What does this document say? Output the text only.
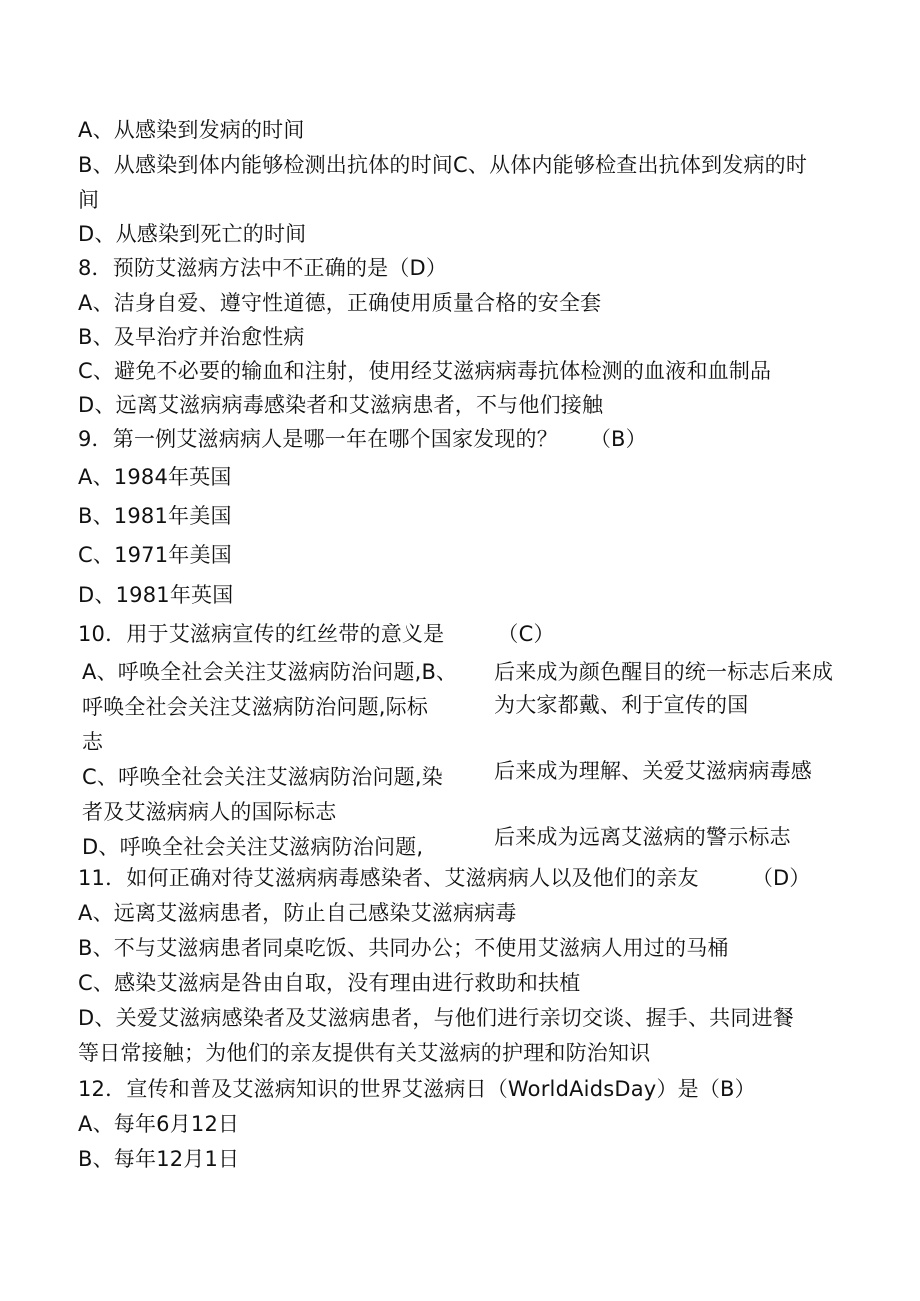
A、从感染到发病的时间
B、从感染到体内能够检测出抗体的时间C、从体内能够检查出抗体到发病的时
间
D、从感染到死亡的时间
8．预防艾滋病方法中不正确的是（D）
A、洁身自爱、遵守性道德，正确使用质量合格的安全套
B、及早治疗并治愈性病
C、避免不必要的输血和注射，使用经艾滋病病毒抗体检测的血液和血制品
D、远离艾滋病病毒感染者和艾滋病患者，不与他们接触
9．第一例艾滋病病人是哪一年在哪个国家发现的？　　（B）
A、1984年英国
B、1981年美国
C、1971年美国
D、1981年英国
10．用于艾滋病宣传的红丝带的意义是　　　（C）
A、呼唤全社会关注艾滋病防治问题,B、
呼唤全社会关注艾滋病防治问题,际标
志
C、呼唤全社会关注艾滋病防治问题,染
者及艾滋病病人的国际标志
D、呼唤全社会关注艾滋病防治问题,
后来成为颜色醒目的统一标志后来成
为大家都戴、利于宣传的国
后来成为理解、关爱艾滋病病毒感
后来成为远离艾滋病的警示标志
11．如何正确对待艾滋病病毒感染者、艾滋病病人以及他们的亲友　　　（D）
A、远离艾滋病患者，防止自己感染艾滋病病毒
B、不与艾滋病患者同桌吃饭、共同办公；不使用艾滋病人用过的马桶
C、感染艾滋病是咎由自取，没有理由进行救助和扶植
D、关爱艾滋病感染者及艾滋病患者，与他们进行亲切交谈、握手、共同进餐
等日常接触；为他们的亲友提供有关艾滋病的护理和防治知识
12．宣传和普及艾滋病知识的世界艾滋病日（WorldAidsDay）是（B）
A、每年6月12日
B、每年12月1日
